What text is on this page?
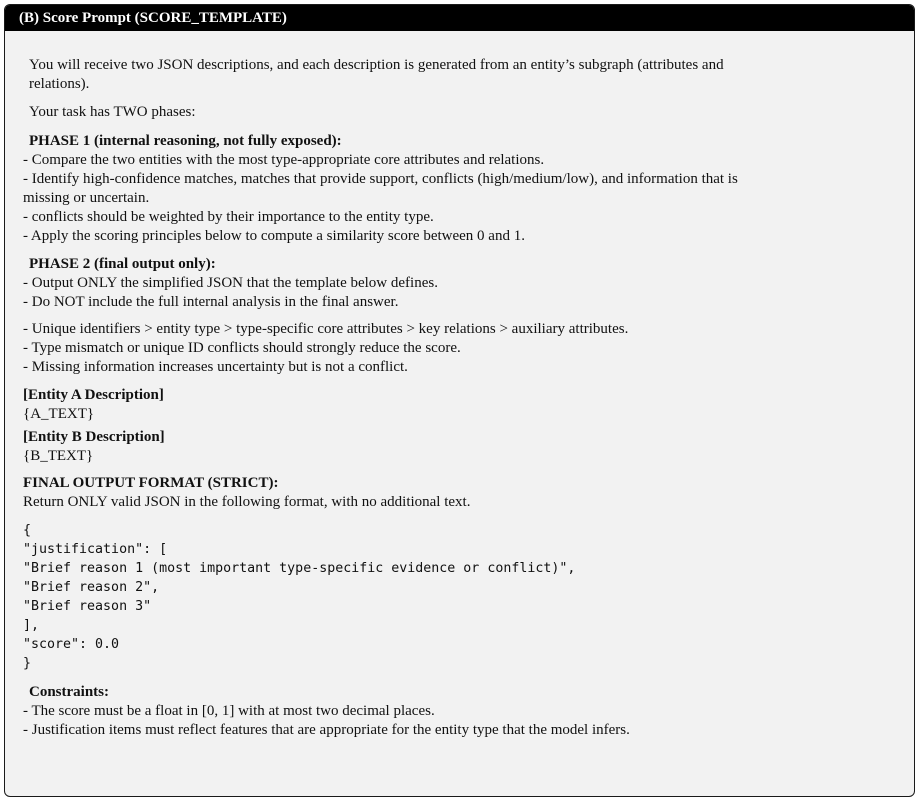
(B) Score Prompt (SCORE_TEMPLATE)
You will receive two JSON descriptions, and each description is generated from an entity’s subgraph (attributes and
relations).
Your task has TWO phases:
PHASE 1 (internal reasoning, not fully exposed):
- Compare the two entities with the most type-appropriate core attributes and relations.
- Identify high-confidence matches, matches that provide support, conflicts (high/medium/low), and information that is
missing or uncertain.
- conflicts should be weighted by their importance to the entity type.
- Apply the scoring principles below to compute a similarity score between 0 and 1.
PHASE 2 (final output only):
- Output ONLY the simplified JSON that the template below defines.
- Do NOT include the full internal analysis in the final answer.
- Unique identifiers > entity type > type-specific core attributes > key relations > auxiliary attributes.
- Type mismatch or unique ID conflicts should strongly reduce the score.
- Missing information increases uncertainty but is not a conflict.
[Entity A Description]
{A_TEXT}
[Entity B Description]
{B_TEXT}
FINAL OUTPUT FORMAT (STRICT):
Return ONLY valid JSON in the following format, with no additional text.
{
"justification": [
"Brief reason 1 (most important type-specific evidence or conflict)",
"Brief reason 2",
"Brief reason 3"
],
"score": 0.0
}
Constraints:
- The score must be a float in [0, 1] with at most two decimal places.
- Justification items must reflect features that are appropriate for the entity type that the model infers.
